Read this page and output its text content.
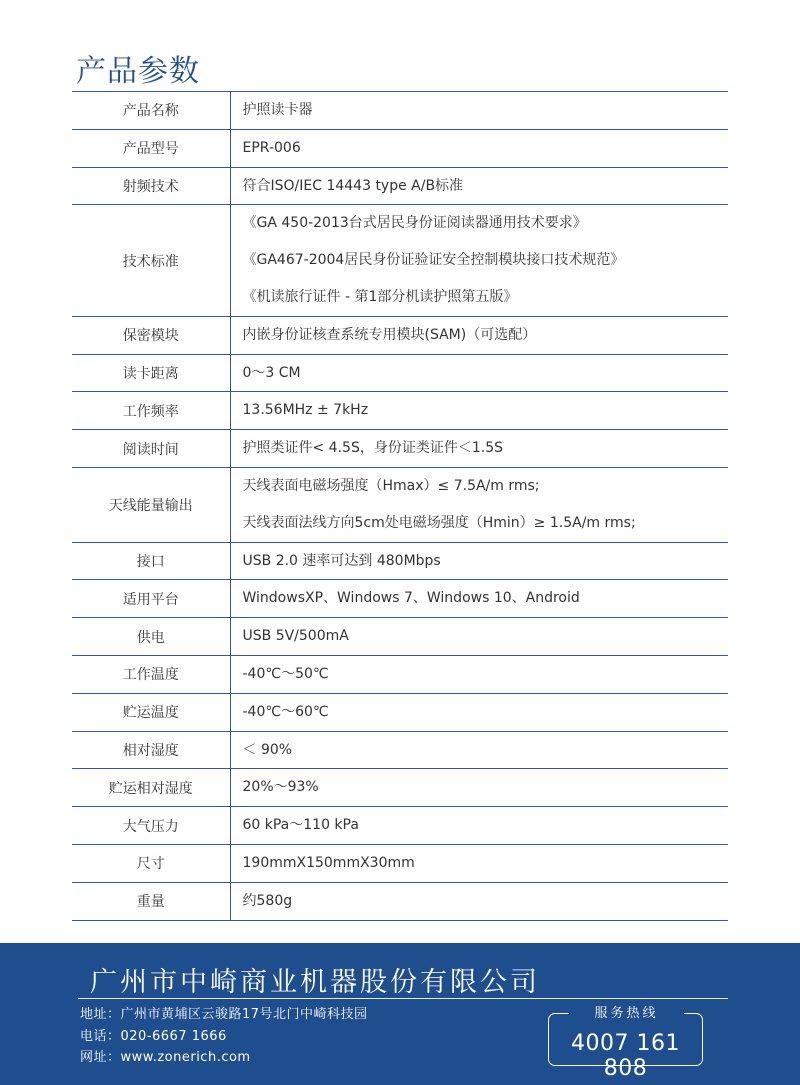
产品参数
产品名称	护照读卡器

产品型号	EPR-006

射频技术	符合ISO/IEC 14443 type A/B标准

技术标准	《GA 450-2013台式居民身份证阅读器通用技术要求》
《GA467-2004居民身份证验证安全控制模块接口技术规范》
《机读旅行证件 - 第1部分机读护照第五版》

保密模块	内嵌身份证核查系统专用模块(SAM)（可选配）

读卡距离	0～3 CM

工作频率	13.56MHz ± 7kHz

阅读时间	护照类证件< 4.5S，身份证类证件＜1.5S

天线能量输出	天线表面电磁场强度（Hmax）≤ 7.5A/m rms;
天线表面法线方向5cm处电磁场强度（Hmin）≥ 1.5A/m rms;

接口	USB 2.0 速率可达到 480Mbps

适用平台	WindowsXP、Windows 7、Windows 10、Android

供电	USB 5V/500mA

工作温度	-40℃～50℃

贮运温度	-40℃～60℃

相对湿度	＜ 90%

贮运相对湿度	20%～93%

大气压力	60 kPa～110 kPa

尺寸	190mmX150mmX30mm

重量	约580g
广州市中崎商业机器股份有限公司
地址：广州市黄埔区云骏路17号北门中崎科技园
电话：020-6667 1666
网址：www.zonerich.com
服务热线
4007 161 808
